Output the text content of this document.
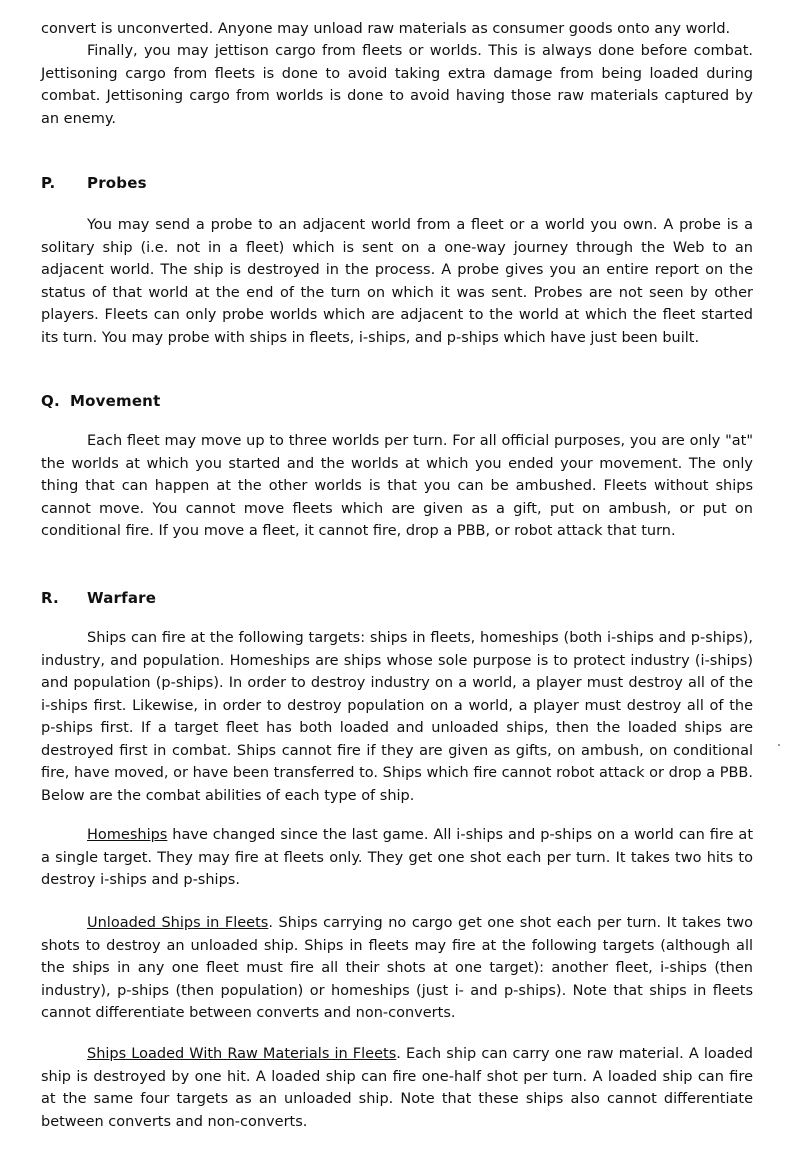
convert is unconverted. Anyone may unload raw materials as consumer goods onto any world.

Finally, you may jettison cargo from fleets or worlds. This is always done before combat. Jettisoning cargo from fleets is done to avoid taking extra damage from being loaded during combat. Jettisoning cargo from worlds is done to avoid having those raw materials captured by an enemy.

P. Probes

You may send a probe to an adjacent world from a fleet or a world you own. A probe is a solitary ship (i.e. not in a fleet) which is sent on a one-way journey through the Web to an adjacent world. The ship is destroyed in the process. A probe gives you an entire report on the status of that world at the end of the turn on which it was sent. Probes are not seen by other players. Fleets can only probe worlds which are adjacent to the world at which the fleet started its turn. You may probe with ships in fleets, i-ships, and p-ships which have just been built.

Q. Movement

Each fleet may move up to three worlds per turn. For all official purposes, you are only "at" the worlds at which you started and the worlds at which you ended your movement. The only thing that can happen at the other worlds is that you can be ambushed. Fleets without ships cannot move. You cannot move fleets which are given as a gift, put on ambush, or put on conditional fire. If you move a fleet, it cannot fire, drop a PBB, or robot attack that turn.

R. Warfare

Ships can fire at the following targets: ships in fleets, homeships (both i-ships and p-ships), industry, and population. Homeships are ships whose sole purpose is to protect industry (i-ships) and population (p-ships). In order to destroy industry on a world, a player must destroy all of the i-ships first. Likewise, in order to destroy population on a world, a player must destroy all of the p-ships first. If a target fleet has both loaded and unloaded ships, then the loaded ships are destroyed first in combat. Ships cannot fire if they are given as gifts, on ambush, on conditional fire, have moved, or have been transferred to. Ships which fire cannot robot attack or drop a PBB. Below are the combat abilities of each type of ship.

Homeships have changed since the last game. All i-ships and p-ships on a world can fire at a single target. They may fire at fleets only. They get one shot each per turn. It takes two hits to destroy i-ships and p-ships.

Unloaded Ships in Fleets. Ships carrying no cargo get one shot each per turn. It takes two shots to destroy an unloaded ship. Ships in fleets may fire at the following targets (although all the ships in any one fleet must fire all their shots at one target): another fleet, i-ships (then industry), p-ships (then population) or homeships (just i- and p-ships). Note that ships in fleets cannot differentiate between converts and non-converts.

Ships Loaded With Raw Materials in Fleets. Each ship can carry one raw material. A loaded ship is destroyed by one hit. A loaded ship can fire one-half shot per turn. A loaded ship can fire at the same four targets as an unloaded ship. Note that these ships also cannot differentiate between converts and non-converts.
